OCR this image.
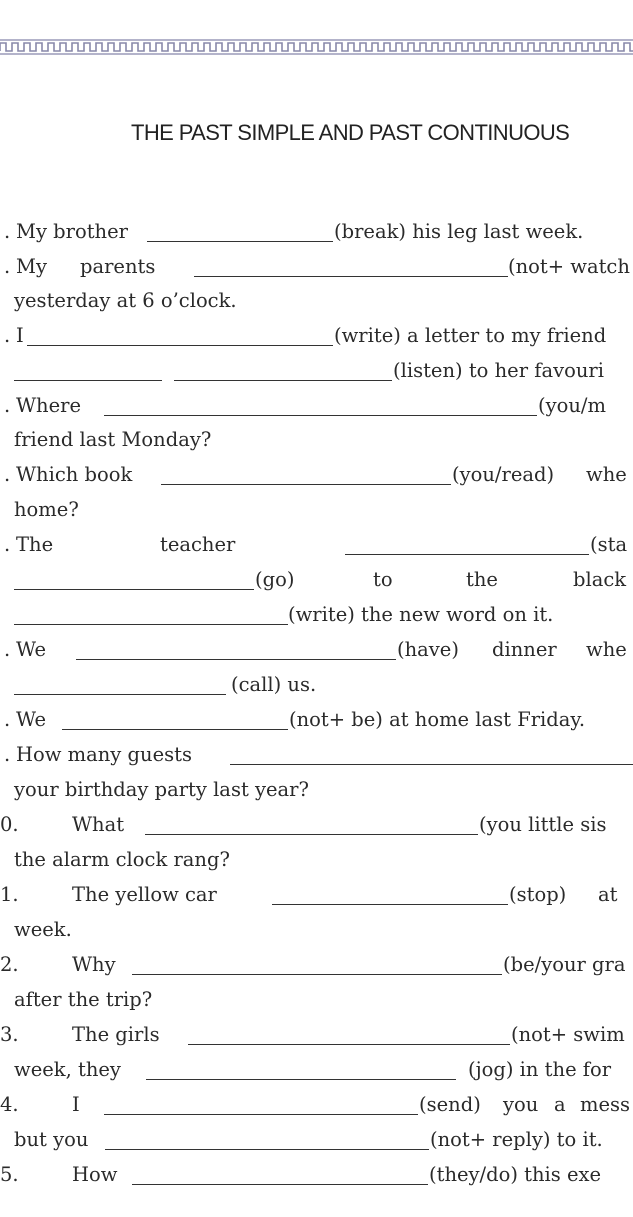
THE PAST SIMPLE AND PAST CONTINUOUS
. My brother	(break) his leg last week.
. My parents	(not+ watch
yesterday at 6 o’clock.
. I	(write) a letter to my friend
(listen) to her favouri
. Where	(you/m
friend last Monday?
. Which book	(you/read) whe
home?
. The	teacher	(sta
(go)	to	the	black
(write) the new word on it.
. We	(have) dinner whe
(call) us.
. We	(not+ be) at home last Friday.
. How many guests
your birthday party last year?
0.	What	(you little sis
the alarm clock rang?
1.	The yellow car	(stop) at
week.
2.	Why	(be/your gra
after the trip?
3.	The girls	(not+ swim
week, they	(jog) in the for
4.	I	(send) you a mess
but you	(not+ reply) to it.
5.	How	(they/do) this exe
